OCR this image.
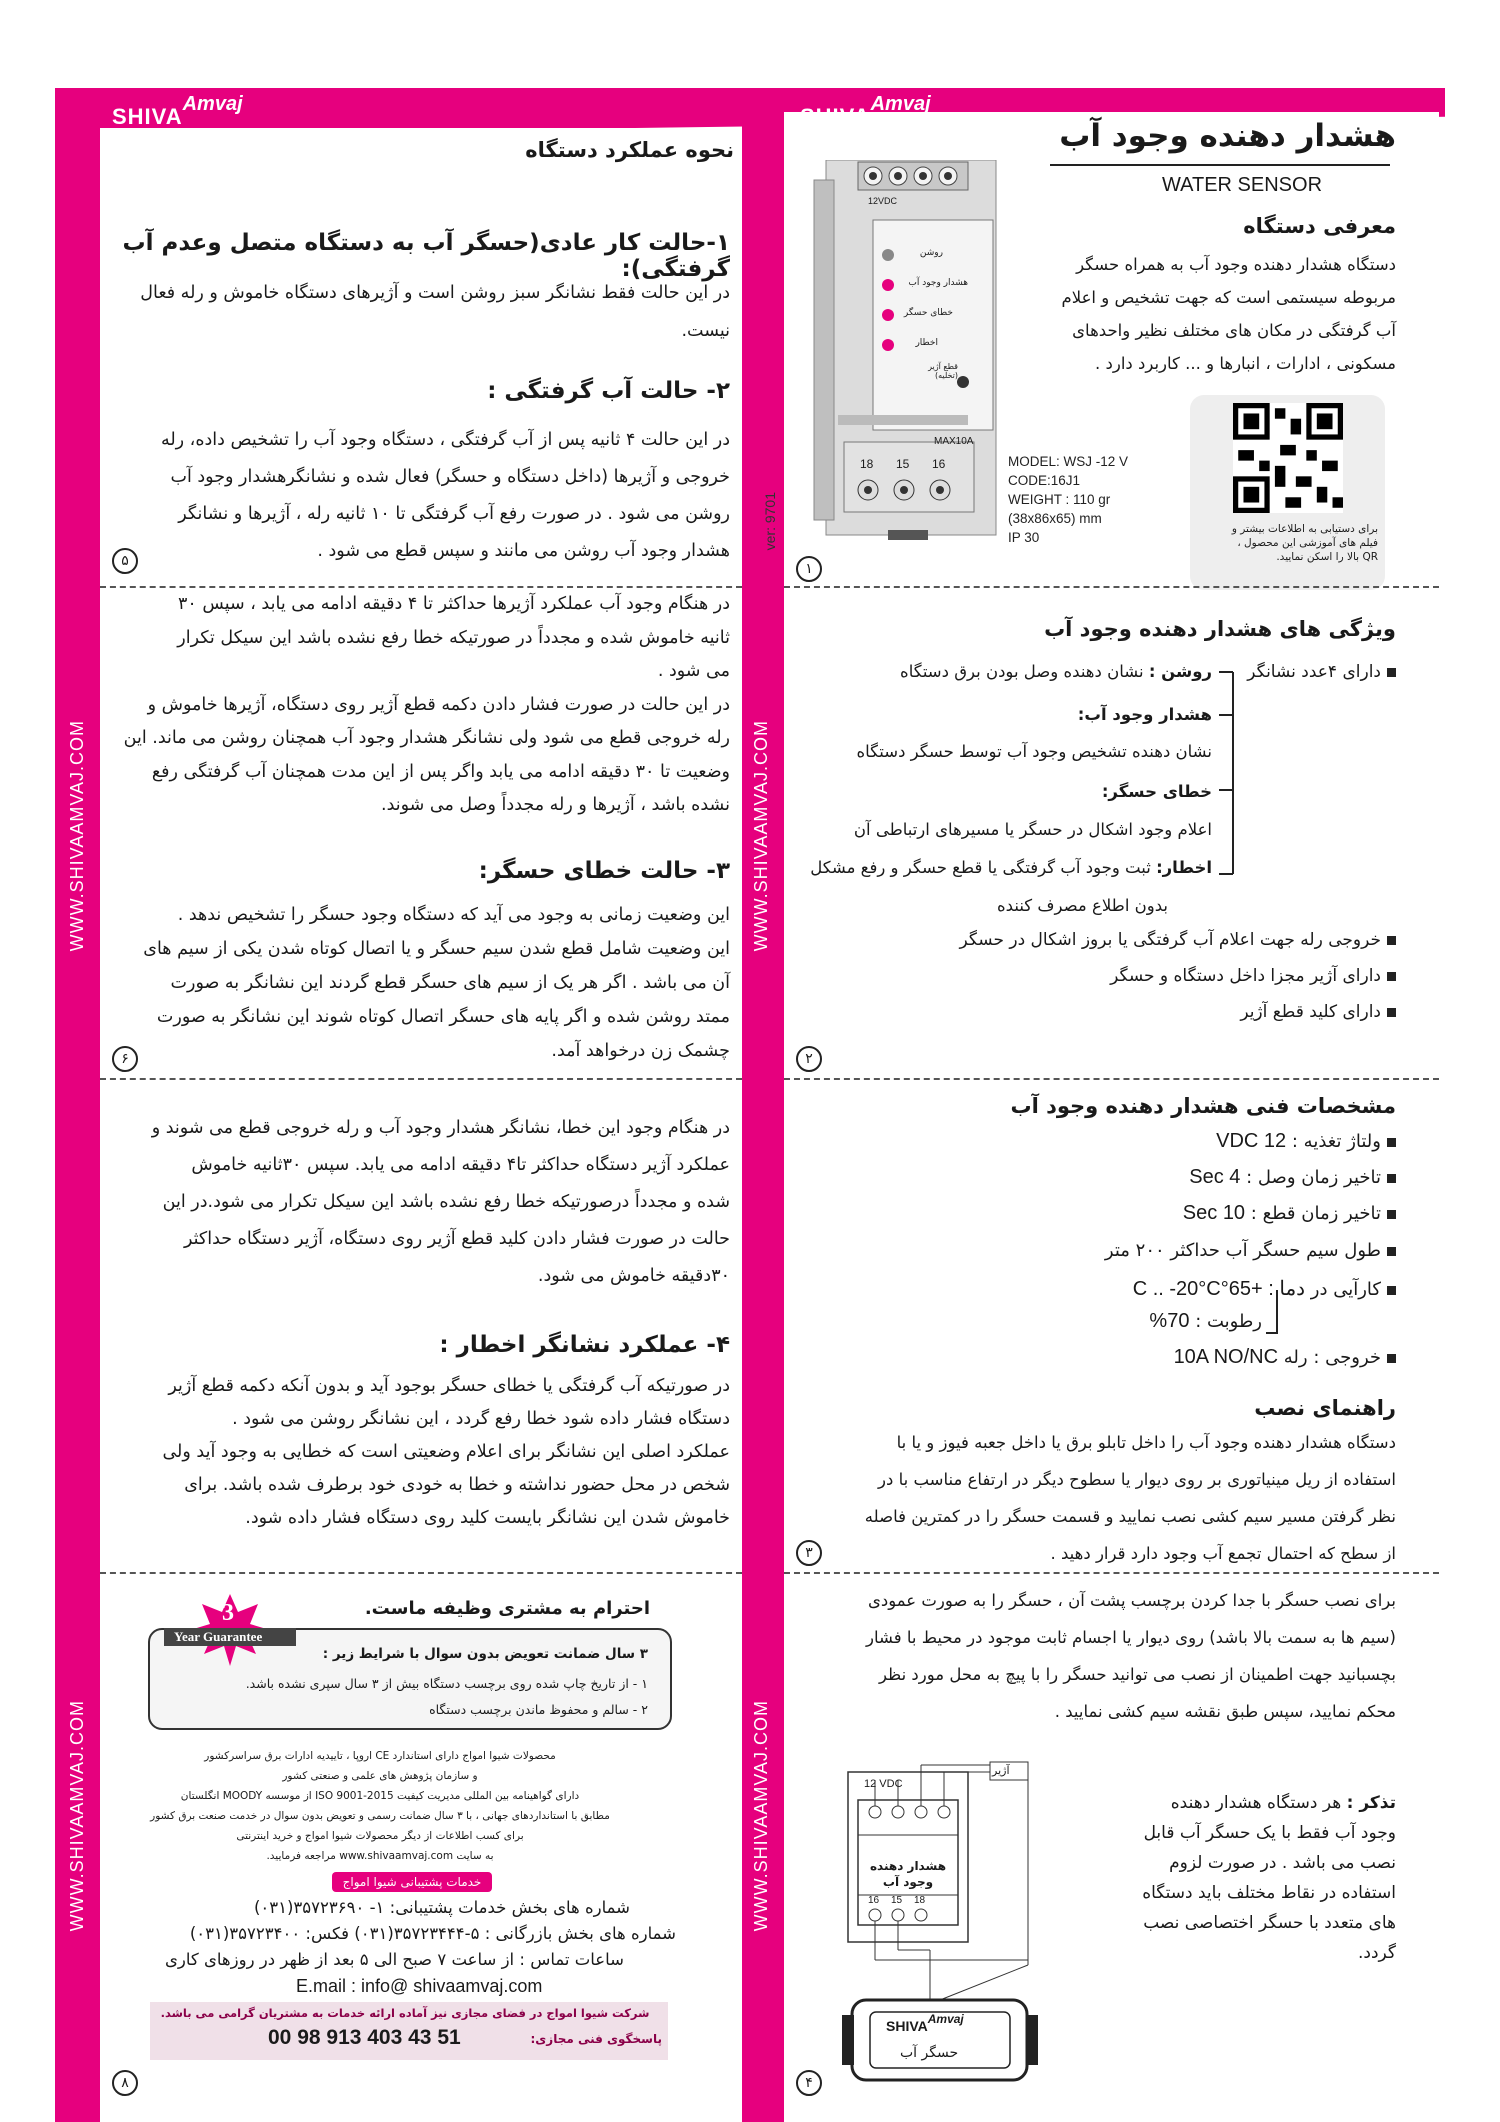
WWW.SHIVAAMVAJ.COM
WWW.SHIVAAMVAJ.COM
WWW.SHIVAAMVAJ.COM
WWW.SHIVAAMVAJ.COM
ver: 9701
SHIVAAmvaj	SHIVAAmvaj
هشدار دهنده وجود آب
WATER SENSOR
معرفی دستگاه
دستگاه هشدار دهنده وجود آب به همراه حسگر
مربوطه سیستمی است که جهت تشخیص و اعلام
آب گرفتگی در مکان های مختلف نظیر واحدهای
مسکونی ، ادارات ، انبارها و ... کاربرد دارد .
12VDC
روشن
هشدار وجود آب
خطای حسگر
اخطار
قطع آژیر (تخلیه)
MAX10A
18 15 16	MODEL: WSJ -12 V
CODE:16J1
WEIGHT : 110 gr
(38x86x65) mm
IP 30
برای دستیابی به اطلاعات بیشتر و
فیلم های آموزشی این محصول ،
QR بالا را اسکن نمایید.
١
ویژگی های هشدار دهنده وجود آب
دارای ۴عدد نشانگر
روشن : نشان دهنده وصل بودن برق دستگاه
هشدار وجود آب:
نشان دهنده تشخیص وجود آب توسط حسگر دستگاه
خطای حسگر:
اعلام وجود اشکال در حسگر یا مسیرهای ارتباطی آن
اخطار: ثبت وجود آب گرفتگی یا قطع حسگر و رفع مشکل
بدون اطلاع مصرف کننده
خروجی رله جهت اعلام آب گرفتگی یا بروز اشکال در حسگر
دارای آژیر مجزا داخل دستگاه و حسگر
دارای کلید قطع آژیر
٢
مشخصات فنی هشدار دهنده وجود آب
ولتاژ تغذیه : 12 VDC
تاخیر زمان وصل : 4 Sec
تاخیر زمان قطع : 10 Sec
طول سیم حسگر آب حداکثر ۲۰۰ متر
کارآیی در دما : +65°C .. -20°C
رطوبت : 70%
خروجی : رله 10A NO/NC
راهنمای نصب
دستگاه هشدار دهنده وجود آب را داخل تابلو برق یا داخل جعبه فیوز و یا با
استفاده از ریل مینیاتوری بر روی دیوار یا سطوح دیگر در ارتفاع مناسب با در
نظر گرفتن مسیر سیم کشی نصب نمایید و قسمت حسگر را در کمترین فاصله
از سطح که احتمال تجمع آب وجود دارد قرار دهید .
٣
برای نصب حسگر با جدا کردن برچسب پشت آن ، حسگر را به صورت عمودی
(سیم ها به سمت بالا باشد) روی دیوار یا اجسام ثابت موجود در محیط با فشار
بچسبانید جهت اطمینان از نصب می توانید حسگر را با پیچ به محل مورد نظر
محکم نمایید، سپس طبق نقشه سیم کشی نمایید .
12 VDC
آژیر
هشدار دهنده وجود آب
16 15 18
SHIVAAmvaj
حسگر آب
تذکر : هر دستگاه هشدار دهنده
وجود آب فقط با یک حسگر آب قابل
نصب می باشد . در صورت لزوم
استفاده در نقاط مختلف باید دستگاه
های متعدد با حسگر اختصاصی نصب
گردد.
۴
نحوه عملکرد دستگاه
۱-حالت کار عادی(حسگر آب به دستگاه متصل وعدم آب گرفتگی):
در این حالت فقط نشانگر سبز روشن است و آژیرهای دستگاه خاموش و رله فعال
نیست.
۲- حالت آب گرفتگی :
در این حالت ۴ ثانیه پس از آب گرفتگی ، دستگاه وجود آب را تشخیص داده، رله
خروجی و آژیرها (داخل دستگاه و حسگر) فعال شده و نشانگرهشدار وجود آب
روشن می شود . در صورت رفع آب گرفتگی تا ۱۰ ثانیه رله ، آژیرها و نشانگر
هشدار وجود آب روشن می مانند و سپس قطع می شود .
۵
در هنگام وجود آب عملکرد آژیرها حداکثر تا ۴ دقیقه ادامه می یابد ، سپس ۳۰
ثانیه خاموش شده و مجدداً در صورتیکه خطا رفع نشده باشد این سیکل تکرار
می شود .
در این حالت در صورت فشار دادن دکمه قطع آژیر روی دستگاه، آژیرها خاموش و
رله خروجی قطع می شود ولی نشانگر هشدار وجود آب همچنان روشن می ماند. این
وضعیت تا ۳۰ دقیقه ادامه می یابد واگر پس از این مدت همچنان آب گرفتگی رفع
نشده باشد ، آژیرها و رله مجدداً وصل می شوند.
۳- حالت خطای حسگر:
این وضعیت زمانی به وجود می آید که دستگاه وجود حسگر را تشخیص ندهد .
این وضعیت شامل قطع شدن سیم حسگر و یا اتصال کوتاه شدن یکی از سیم های
آن می باشد . اگر هر یک از سیم های حسگر قطع گردند این نشانگر به صورت
ممتد روشن شده و اگر پایه های حسگر اتصال کوتاه شوند این نشانگر به صورت
چشمک زن درخواهد آمد.
۶
در هنگام وجود این خطا، نشانگر هشدار وجود آب و رله خروجی قطع می شوند و
عملکرد آژیر دستگاه حداکثر تا۴ دقیقه ادامه می یابد. سپس ۳۰ثانیه خاموش
شده و مجدداً درصورتیکه خطا رفع نشده باشد این سیکل تکرار می شود.در این
حالت در صورت فشار دادن کلید قطع آژیر روی دستگاه، آژیر دستگاه حداکثر
۳۰دقیقه خاموش می شود.
۴- عملکرد نشانگر اخطار :
در صورتیکه آب گرفتگی یا خطای حسگر بوجود آید و بدون آنکه دکمه قطع آژیر
دستگاه فشار داده شود خطا رفع گردد ، این نشانگر روشن می شود .
عملکرد اصلی این نشانگر برای اعلام وضعیتی است که خطایی به وجود آید ولی
شخص در محل حضور نداشته و خطا به خودی خود برطرف شده باشد. برای
خاموش شدن این نشانگر بایست کلید روی دستگاه فشار داده شود.
احترام به مشتری وظیفه ماست.
3
Year Guarantee
۳ سال ضمانت تعویض بدون سوال با شرایط زیر :
۱ - از تاریخ چاپ شده روی برچسب دستگاه بیش از ۳ سال سپری نشده باشد.
۲ - سالم و محفوظ ماندن برچسب دستگاه
محصولات شیوا امواج دارای استاندارد CE اروپا ، تاییدیه ادارات برق سراسرکشور
و سازمان پژوهش های علمی و صنعتی کشور
دارای گواهینامه بین المللی مدیریت کیفیت ISO 9001-2015 از موسسه MOODY انگلستان
مطابق با استانداردهای جهانی ، با ۳ سال ضمانت رسمی و تعویض بدون سوال در خدمت صنعت برق کشور
برای کسب اطلاعات از دیگر محصولات شیوا امواج و خرید اینترنتی
به سایت www.shivaamvaj.com مراجعه فرمایید.
خدمات پشتیبانی شیوا امواج
شماره های بخش خدمات پشتیبانی: ۱- ۳۵۷۲۳۶۹۰(۰۳۱)
شماره های بخش بازرگانی : ۵-۳۵۷۲۳۴۴۴(۰۳۱) فکس: ۳۵۷۲۳۴۰۰(۰۳۱)
ساعات تماس : از ساعت ۷ صبح الی ۵ بعد از ظهر در روزهای کاری
E.mail : info@ shivaamvaj.com
شرکت شیوا امواج در فضای مجازی نیز آماده ارائه خدمات به مشتریان گرامی می باشد.
پاسخگوی فنی مجازی:
00 98 913 403 43 51
٨
